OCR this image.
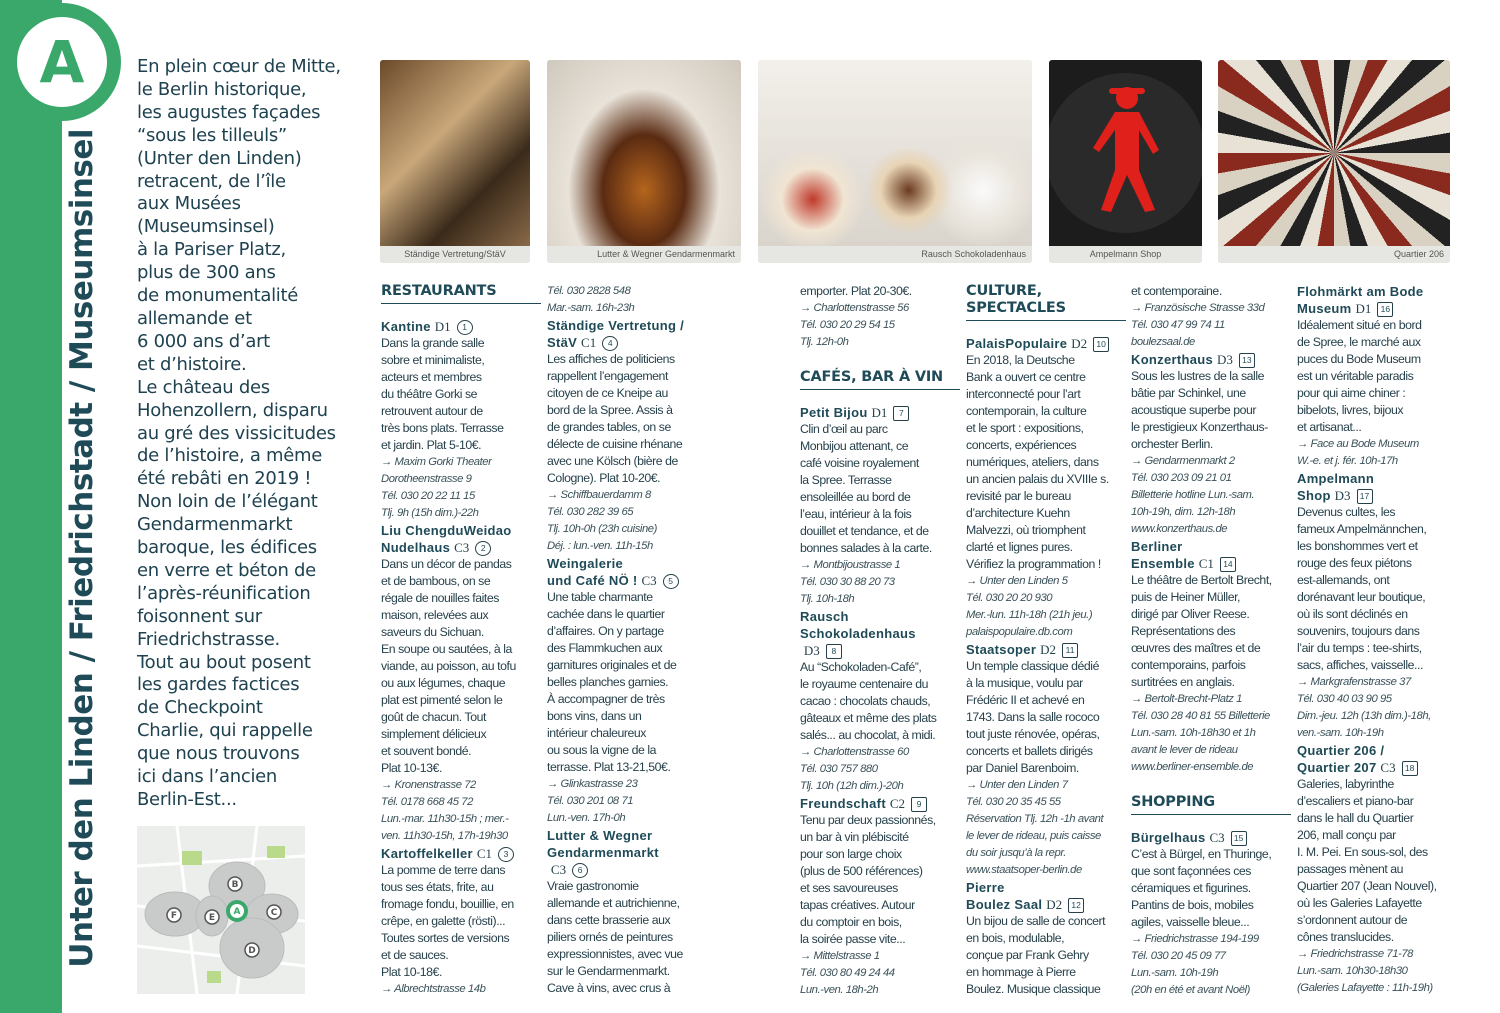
A
Unter den Linden / Friedrichstadt / Museumsinsel
En plein cœur de Mitte,
le Berlin historique,
les augustes façades
“sous les tilleuls”
(Unter den Linden)
retracent, de l’île
aux Musées
(Museumsinsel)
à la Pariser Platz,
plus de 300 ans
de monumentalité
allemande et
6 000 ans d’art
et d’histoire.
Le château des
Hohenzollern, disparu
au gré des vissicitudes
de l’histoire, a même
été rebâti en 2019 !
Non loin de l’élégant
Gendarmenmarkt
baroque, les édifices
en verre et béton de
l’après-réunification
foisonnent sur
Friedrichstrasse.
Tout au bout posent
les gardes factices
de Checkpoint
Charlie, qui rappelle
que nous trouvons
ici dans l’ancien
Berlin-Est...
B
F	E
A	C
D
Ständige Vertretung/StäV	Lutter & Wegner Gendarmenmarkt	Rausch Schokoladenhaus	Ampelmann Shop	Quartier 206
RESTAURANTS
Kantine D1 1
Dans la grande salle
sobre et minimaliste,
acteurs et membres
du théâtre Gorki se
retrouvent autour de
très bons plats. Terrasse
et jardin. Plat 5-10€.
→ Maxim Gorki Theater
Dorotheenstrasse 9
Tél. 030 20 22 11 15
Tlj. 9h (15h dim.)-22h
Liu ChengduWeidao
Nudelhaus C3 2
Dans un décor de pandas
et de bambous, on se
régale de nouilles faites
maison, relevées aux
saveurs du Sichuan.
En soupe ou sautées, à la
viande, au poisson, au tofu
ou aux légumes, chaque
plat est pimenté selon le
goût de chacun. Tout
simplement délicieux
et souvent bondé.
Plat 10-13€.
→ Kronenstrasse 72
Tél. 0178 668 45 72
Lun.-mar. 11h30-15h ; mer.-
ven. 11h30-15h, 17h-19h30
Kartoffelkeller C1 3
La pomme de terre dans
tous ses états, frite, au
fromage fondu, bouillie, en
crêpe, en galette (rösti)...
Toutes sortes de versions
et de sauces.
Plat 10-18€.
→ Albrechtstrasse 14b
Tél. 030 2828 548
Mar.-sam. 16h-23h
Ständige Vertretung /
StäV C1 4
Les affiches de politiciens
rappellent l’engagement
citoyen de ce Kneipe au
bord de la Spree. Assis à
de grandes tables, on se
délecte de cuisine rhénane
avec une Kölsch (bière de
Cologne). Plat 10-20€.
→ Schiffbauerdamm 8
Tél. 030 282 39 65
Tlj. 10h-0h (23h cuisine)
Déj. : lun.-ven. 11h-15h
Weingalerie
und Café NÖ ! C3 5
Une table charmante
cachée dans le quartier
d’affaires. On y partage
des Flammkuchen aux
garnitures originales et de
belles planches garnies.
À accompagner de très
bons vins, dans un
intérieur chaleureux
ou sous la vigne de la
terrasse. Plat 13-21,50€.
→ Glinkastrasse 23
Tél. 030 201 08 71
Lun.-ven. 17h-0h
Lutter & Wegner
Gendarmenmarkt
C3 6
Vraie gastronomie
allemande et autrichienne,
dans cette brasserie aux
piliers ornés de peintures
expressionnistes, avec vue
sur le Gendarmenmarkt.
Cave à vins, avec crus à
emporter. Plat 20-30€.
→ Charlottenstrasse 56
Tél. 030 20 29 54 15
Tlj. 12h-0h
CAFÉS, BAR À VIN
Petit Bijou D1 7
Clin d’œil au parc
Monbijou attenant, ce
café voisine royalement
la Spree. Terrasse
ensoleillée au bord de
l’eau, intérieur à la fois
douillet et tendance, et de
bonnes salades à la carte.
→ Montbijoustrasse 1
Tél. 030 30 88 20 73
Tlj. 10h-18h
Rausch
Schokoladenhaus
D3 8
Au “Schokoladen-Café”,
le royaume centenaire du
cacao : chocolats chauds,
gâteaux et même des plats
salés... au chocolat, à midi.
→ Charlottenstrasse 60
Tél. 030 757 880
Tlj. 10h (12h dim.)-20h
Freundschaft C2 9
Tenu par deux passionnés,
un bar à vin plébiscité
pour son large choix
(plus de 500 références)
et ses savoureuses
tapas créatives. Autour
du comptoir en bois,
la soirée passe vite...
→ Mittelstrasse 1
Tél. 030 80 49 24 44
Lun.-ven. 18h-2h
CULTURE,
SPECTACLES
PalaisPopulaire D2 10
En 2018, la Deutsche
Bank a ouvert ce centre
interconnecté pour l’art
contemporain, la culture
et le sport : expositions,
concerts, expériences
numériques, ateliers, dans
un ancien palais du XVIIIe s.
revisité par le bureau
d’architecture Kuehn
Malvezzi, où triomphent
clarté et lignes pures.
Vérifiez la programmation !
→ Unter den Linden 5
Tél. 030 20 20 930
Mer.-lun. 11h-18h (21h jeu.)
palaispopulaire.db.com
Staatsoper D2 11
Un temple classique dédié
à la musique, voulu par
Frédéric II et achevé en
1743. Dans la salle rococo
tout juste rénovée, opéras,
concerts et ballets dirigés
par Daniel Barenboim.
→ Unter den Linden 7
Tél. 030 20 35 45 55
Réservation Tlj. 12h -1h avant
le lever de rideau, puis caisse
du soir jusqu’à la repr.
www.staatsoper-berlin.de
Pierre
Boulez Saal D2 12
Un bijou de salle de concert
en bois, modulable,
conçue par Frank Gehry
en hommage à Pierre
Boulez. Musique classique
et contemporaine.
→ Französische Strasse 33d
Tél. 030 47 99 74 11
boulezsaal.de
Konzerthaus D3 13
Sous les lustres de la salle
bâtie par Schinkel, une
acoustique superbe pour
le prestigieux Konzerthaus-
orchester Berlin.
→ Gendarmenmarkt 2
Tél. 030 203 09 21 01
Billetterie hotline Lun.-sam.
10h-19h, dim. 12h-18h
www.konzerthaus.de
Berliner
Ensemble C1 14
Le théâtre de Bertolt Brecht,
puis de Heiner Müller,
dirigé par Oliver Reese.
Représentations des
œuvres des maîtres et de
contemporains, parfois
surtitrées en anglais.
→ Bertolt-Brecht-Platz 1
Tél. 030 28 40 81 55 Billetterie
Lun.-sam. 10h-18h30 et 1h
avant le lever de rideau
www.berliner-ensemble.de
SHOPPING
Bürgelhaus C3 15
C’est à Bürgel, en Thuringe,
que sont façonnées ces
céramiques et figurines.
Pantins de bois, mobiles
agiles, vaisselle bleue...
→ Friedrichstrasse 194-199
Tél. 030 20 45 09 77
Lun.-sam. 10h-19h
(20h en été et avant Noël)
Flohmärkt am Bode
Museum D1 16
Idéalement situé en bord
de Spree, le marché aux
puces du Bode Museum
est un véritable paradis
pour qui aime chiner :
bibelots, livres, bijoux
et artisanat...
→ Face au Bode Museum
W.-e. et j. fér. 10h-17h
Ampelmann
Shop D3 17
Devenus cultes, les
fameux Ampelmännchen,
les bonshommes vert et
rouge des feux piétons
est-allemands, ont
dorénavant leur boutique,
où ils sont déclinés en
souvenirs, toujours dans
l’air du temps : tee-shirts,
sacs, affiches, vaisselle...
→ Markgrafenstrasse 37
Tél. 030 40 03 90 95
Dim.-jeu. 12h (13h dim.)-18h,
ven.-sam. 10h-19h
Quartier 206 /
Quartier 207 C3 18
Galeries, labyrinthe
d’escaliers et piano-bar
dans le hall du Quartier
206, mall conçu par
I. M. Pei. En sous-sol, des
passages mènent au
Quartier 207 (Jean Nouvel),
où les Galeries Lafayette
s’ordonnent autour de
cônes translucides.
→ Friedrichstrasse 71-78
Lun.-sam. 10h30-18h30
(Galeries Lafayette : 11h-19h)
